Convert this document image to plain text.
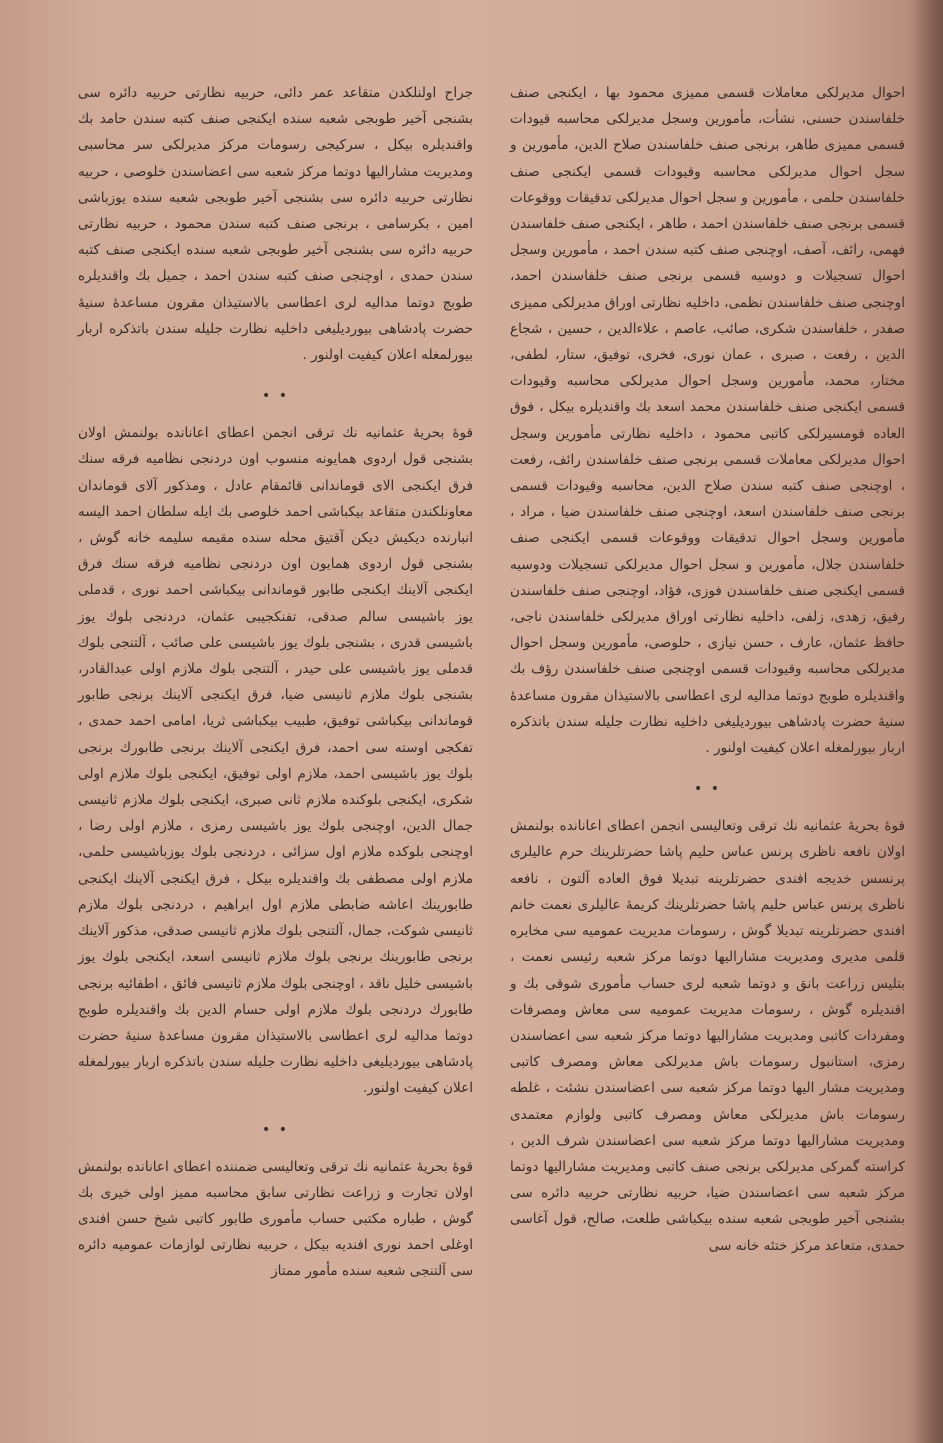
احوال مدیرلکی معاملات قسمی ممیزی محمود بها ، ایکنجی صنف خلفاسندن حسنی، نشأت، مأمورین وسجل مدیرلکی محاسبه قیودات قسمی ممیزی طاهر، برنجی صنف خلفاسندن صلاح الدین، مأمورین و سجل احوال مدیرلکی محاسبه وقیودات قسمی ایکنجی صنف خلفاسندن حلمی ، مأمورین و سجل احوال مدیرلکی تدقیقات ووقوعات قسمی برنجی صنف خلفاسندن احمد ، طاهر ، ایکنجی صنف خلفاسندن فهمی، رائف، آصف، اوچنجی صنف کتبه سندن احمد ، مأمورین وسجل احوال تسجیلات و دوسیه قسمی برنجی صنف خلفاسندن احمد، اوچنجی صنف خلفاسندن نظمی، داخلیه نظارتی اوراق مدیرلکی ممیزی صفدر ، خلفاسندن شکری، صائب، عاصم ، علاءالدین ، حسین ، شجاع الدین ، رفعت ، صبری ، عمان نوری، فخری، توفیق، ستار، لطفی، مختار، محمد، مأمورین وسجل احوال مدیرلکی محاسبه وقیودات قسمی ایکنجی صنف خلفاسندن محمد اسعد بك واقندیلره بیكل ، فوق العاده قومسیرلکی کاتبی محمود ، داخلیه نظارتی مأمورین وسجل احوال مدیرلکی معاملات قسمی برنجی صنف خلفاسندن رائف، رفعت ، اوچنجی صنف کتبه سندن صلاح الدین، محاسبه وقیودات قسمی برنجی صنف خلفاسندن اسعد، اوچنجی صنف خلفاسندن ضیا ، مراد ، مأمورین وسجل احوال تدقیقات ووقوعات قسمی ایکنجی صنف خلفاسندن جلال، مأمورین و سجل احوال مدیرلکی تسجیلات ودوسیه قسمی ایکنجی صنف خلفاسندن فوزی، فؤاد، اوچنجی صنف خلفاسندن رفیق، زهدی، زلفی، داخلیه نظارتی اوراق مدیرلکی خلفاسندن ناجی، حافظ عثمان، عارف ، حسن نیازی ، حلوصی، مأمورین وسجل احوال مدیرلکی محاسبه وقیودات قسمی اوچنجی صنف خلفاسندن رؤف بك واقندیلره طوبج دوتما مدالیه لری اعطاسی بالاستیذان مقرون مساعدهٔ سنیهٔ حضرت پادشاهی بیوردیلیغی داخلیه نظارت جلیله سندن باتذکره اربار بیورلمغله اعلان کیفیت اولنور .

• •

قوهٔ بحریهٔ عثمانیه نك ترقی وتعالیسی انجمن اعطای اعانانده بولنمش اولان نافعه ناظری پرنس عباس حلیم پاشا حضرتلرینك حرم عالیلری پرنسس خدیجه افندی حضرتلرینه تبدیلا فوق العاده آلتون ، نافعه ناظری پرنس عباس حلیم پاشا حضرتلرینك کریمهٔ عالیلری نعمت خانم افندی حضرتلرینه تبدیلا گوش ، رسومات مدیریت عمومیه سی مخابره قلمی مدیری ومدیریت مشارالیها دوتما مرکز شعبه رئیسی نعمت ، بتلیس زراعت بانق و دوتما شعبه لری حساب مأموری شوقی بك و اقندیلره گوش ، رسومات مدیریت عمومیه سی معاش ومصرفات ومفردات کاتبی ومدیریت مشارالیها دوتما مرکز شعبه سی اعضاسندن رمزی، استانبول رسومات باش مدیرلکی معاش ومصرف کاتبی ومدیریت مشار الیها دوتما مرکز شعبه سی اعضاسندن نشئت ، غلطه رسومات باش مدیرلکی معاش ومصرف کاتبی ولوازم معتمدی ومدیریت مشارالیها دوتما مرکز شعبه سی اعضاسندن شرف الدین ، کراسته گمرکی مدیرلکی برنجی صنف کاتبی ومدیریت مشارالیها دوتما مرکز شعبه سی اعضاسندن ضیا، حربیه نظارتی حربیه دائره سی بشنجی آخیر طوبجی شعبه سنده بیکباشی طلعت، صالح، قول آغاسی حمدی، متعاعد مرکز ختئه خانه سی

جراح اولنلکدن متقاعد عمر دائی، حربیه نظارتی حربیه دائره سی بشنجی آخیر طوبجی شعبه سنده ایکنجی صنف کتبه سندن حامد بك واقندیلره بیكل ، سرکیجی رسومات مرکز مدیرلکی سر محاسبی ومدیریت مشارالیها دوتما مرکز شعبه سی اعضاسندن خلوصی ، حربیه نظارتی حربیه دائره سی بشنجی آخیر طوبجی شعبه سنده یوزباشی امین ، بکرسامی ، برنجی صنف کتبه سندن محمود ، حربیه نظارتی حربیه دائره سی بشنجی آخیر طوبجی شعبه سنده ایکنجی صنف کتبه سندن حمدی ، اوچنجی صنف کتبه سندن احمد ، جمیل بك واقندیلره طوبج دوتما مدالیه لری اعطاسی بالاستیذان مقرون مساعدهٔ سنیهٔ حضرت پادشاهی بیوردیلیغی داخلیه نظارت جلیله سندن باتذکره اربار بیورلمغله اعلان کیفیت اولنور .

• •

قوهٔ بحریهٔ عثمانیه نك ترقی انجمن اعطای اعانانده بولنمش اولان بشنجی قول اردوی همایونه منسوب اون دردنجی نظامیه فرقه سنك فرق ایکنجی الای قوماندانی قائمقام عادل ، ومذکور آلای قوماندان معاونلکندن متقاعد بیکباشی احمد خلوصی بك ایله سلطان احمد الیسه انبارنده دیکیش دیکن آقتیق محله سنده مقیمه سلیمه خانه گوش ، بشنجی قول اردوی همایون اون دردنجی نظامیه فرقه سنك فرق ایکنجی آلاینك ایکنجی طابور قوماندانی بیکباشی احمد نوری ، قدملی یوز باشیسی سالم صدقی، تفنکجیبی عثمان، دردنجی بلوك یوز باشیسی قدری ، بشنجی بلوك یوز باشیسی علی صائب ، آلتنجی بلوك قدملی یوز باشیسی علی حیدر ، آلتنجی بلوك ملازم اولی عبدالقادر، بشنجی بلوك ملازم ثانیسی ضیا، فرق ایکنجی آلاینك برنجی طابور قوماندانی بیکباشی توفیق، طبیب بیکباشی ثریا، امامی احمد حمدی ، تفکجی اوسته سی احمد، فرق ایکنجی آلاینك برنجی طابورك برنجی بلوك یوز باشیسی احمد، ملازم اولی توفیق، ایکنجی بلوك ملازم اولی شکری، ایکنجی بلوکنده ملازم ثانی صبری، ایکنجی بلوك ملازم ثانیسی جمال الدین، اوچنجی بلوك یوز باشیسی رمزی ، ملازم اولی رضا ، اوچنجی بلوکده ملازم اول سزائی ، دردنجی بلوك یوزباشیسی حلمی، ملازم اولی مصطفی بك واقندیلره بیكل ، فرق ایکنجی آلاینك ایکنجی طابورینك اعاشه ضابطی ملازم اول ابراهیم ، دردنجی بلوك ملازم ثانیسی شوکت، جمال، آلتنجی بلوك ملازم ثانیسی صدقی، مذکور آلاینك برنجی طابورینك برنجی بلوك ملازم ثانیسی اسعد، ایکنجی بلوك یوز باشیسی خلیل ناقد ، اوچنجی بلوك ملازم ثانیسی فائق ، اطفائیه برنجی طابورك دردنجی بلوك ملازم اولی حسام الدین بك واقندیلره طوبج دوتما مدالیه لری اعطاسی بالاستیذان مقرون مساعدهٔ سنیهٔ حضرت پادشاهی بیوردیلیغی داخلیه نظارت جلیله سندن باتذکره اربار بیورلمغله اعلان کیفیت اولنور.

• •

قوهٔ بحریهٔ عثمانیه نك ترقی وتعالیسی ضمننده اعطای اعانانده بولنمش اولان تجارت و زراعت نظارتی سابق محاسبه ممیز اولی خیری بك گوش ، طباره مکتبی حساب مأموری طابور کاتبی شیخ حسن افندی اوغلی احمد نوری افندیه بیكل ، حربیه نظارتی لوازمات عمومیه دائره سی آلتنجی شعبه سنده مأمور ممتاز
